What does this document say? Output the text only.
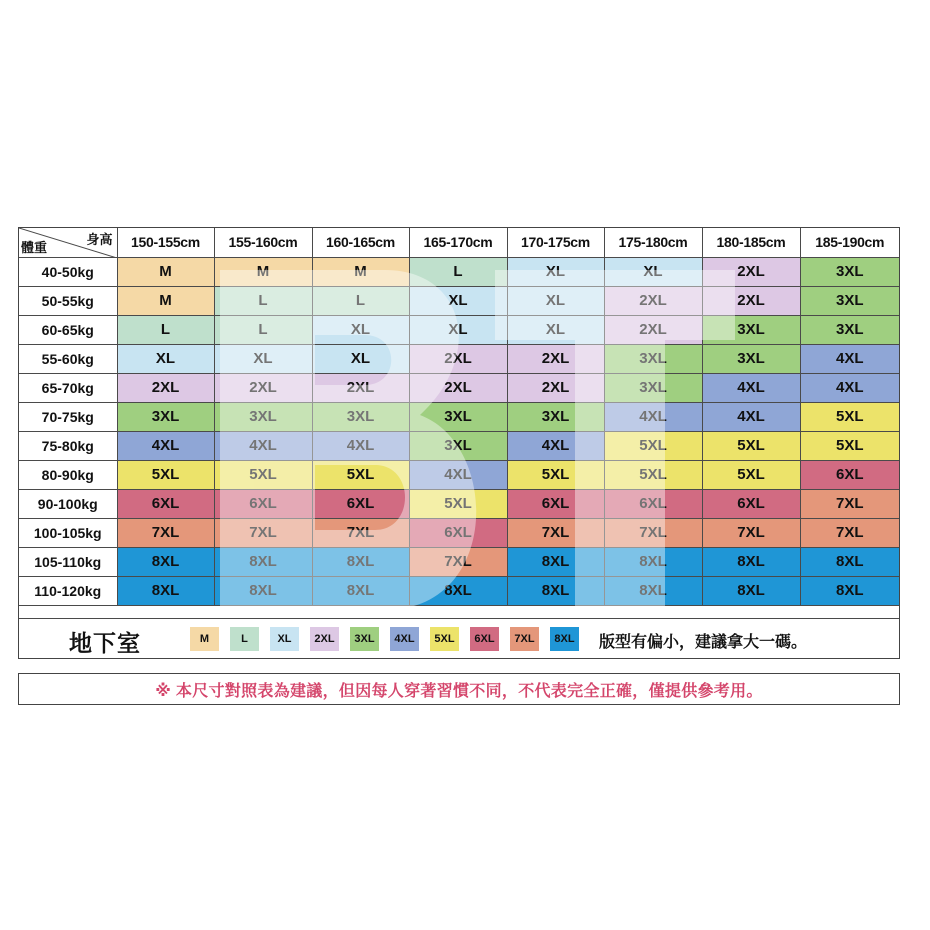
身高
體重	150-155cm	155-160cm	160-165cm	165-170cm	170-175cm	175-180cm	180-185cm	185-190cm
40-50kg	M	M	M	L	XL	XL	2XL	3XL
50-55kg	M	L	L	XL	XL	2XL	2XL	3XL
60-65kg	L	L	XL	XL	XL	2XL	3XL	3XL
55-60kg	XL	XL	XL	2XL	2XL	3XL	3XL	4XL
65-70kg	2XL	2XL	2XL	2XL	2XL	3XL	4XL	4XL
70-75kg	3XL	3XL	3XL	3XL	3XL	4XL	4XL	5XL
75-80kg	4XL	4XL	4XL	3XL	4XL	5XL	5XL	5XL
80-90kg	5XL	5XL	5XL	4XL	5XL	5XL	5XL	6XL
90-100kg	6XL	6XL	6XL	5XL	6XL	6XL	6XL	7XL
100-105kg	7XL	7XL	7XL	6XL	7XL	7XL	7XL	7XL
105-110kg	8XL	8XL	8XL	7XL	8XL	8XL	8XL	8XL
110-120kg	8XL	8XL	8XL	8XL	8XL	8XL	8XL	8XL
地下室	M	L	XL	2XL	3XL	4XL	5XL	6XL	7XL	8XL 版型有偏小，建議拿大一碼。
※ 本尺寸對照表為建議，但因每人穿著習慣不同，不代表完全正確，僅提供參考用。
